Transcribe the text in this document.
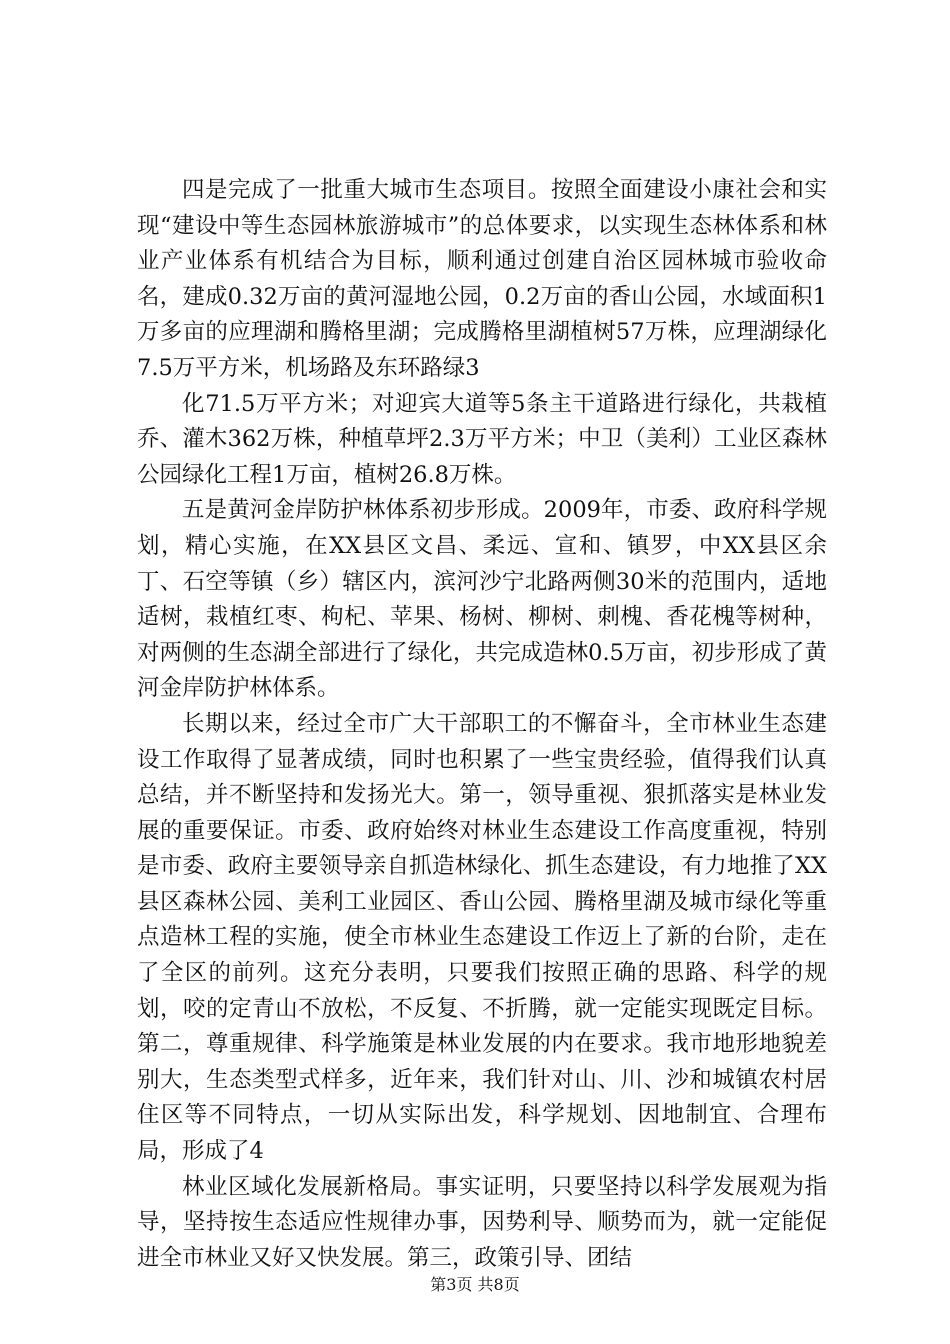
四是完成了一批重大城市生态项目。按照全面建设小康社会和实现“建设中等生态园林旅游城市”的总体要求，以实现生态林体系和林业产业体系有机结合为目标，顺利通过创建自治区园林城市验收命名，建成0.32万亩的黄河湿地公园，0.2万亩的香山公园，水域面积1万多亩的应理湖和腾格里湖；完成腾格里湖植树57万株，应理湖绿化7.5万平方米，机场路及东环路绿3

化71.5万平方米；对迎宾大道等5条主干道路进行绿化，共栽植乔、灌木362万株，种植草坪2.3万平方米；中卫（美利）工业区森林公园绿化工程1万亩，植树26.8万株。

五是黄河金岸防护林体系初步形成。2009年，市委、政府科学规划，精心实施，在XX县区文昌、柔远、宣和、镇罗，中XX县区余丁、石空等镇（乡）辖区内，滨河沙宁北路两侧30米的范围内，适地适树，栽植红枣、枸杞、苹果、杨树、柳树、刺槐、香花槐等树种，对两侧的生态湖全部进行了绿化，共完成造林0.5万亩，初步形成了黄河金岸防护林体系。

长期以来，经过全市广大干部职工的不懈奋斗，全市林业生态建设工作取得了显著成绩，同时也积累了一些宝贵经验，值得我们认真总结，并不断坚持和发扬光大。第一，领导重视、狠抓落实是林业发展的重要保证。市委、政府始终对林业生态建设工作高度重视，特别是市委、政府主要领导亲自抓造林绿化、抓生态建设，有力地推了XX县区森林公园、美利工业园区、香山公园、腾格里湖及城市绿化等重点造林工程的实施，使全市林业生态建设工作迈上了新的台阶，走在了全区的前列。这充分表明，只要我们按照正确的思路、科学的规划，咬的定青山不放松，不反复、不折腾，就一定能实现既定目标。第二，尊重规律、科学施策是林业发展的内在要求。我市地形地貌差别大，生态类型式样多，近年来，我们针对山、川、沙和城镇农村居住区等不同特点，一切从实际出发，科学规划、因地制宜、合理布局，形成了4

林业区域化发展新格局。事实证明，只要坚持以科学发展观为指导，坚持按生态适应性规律办事，因势利导、顺势而为，就一定能促进全市林业又好又快发展。第三，政策引导、团结

第3页 共8页
